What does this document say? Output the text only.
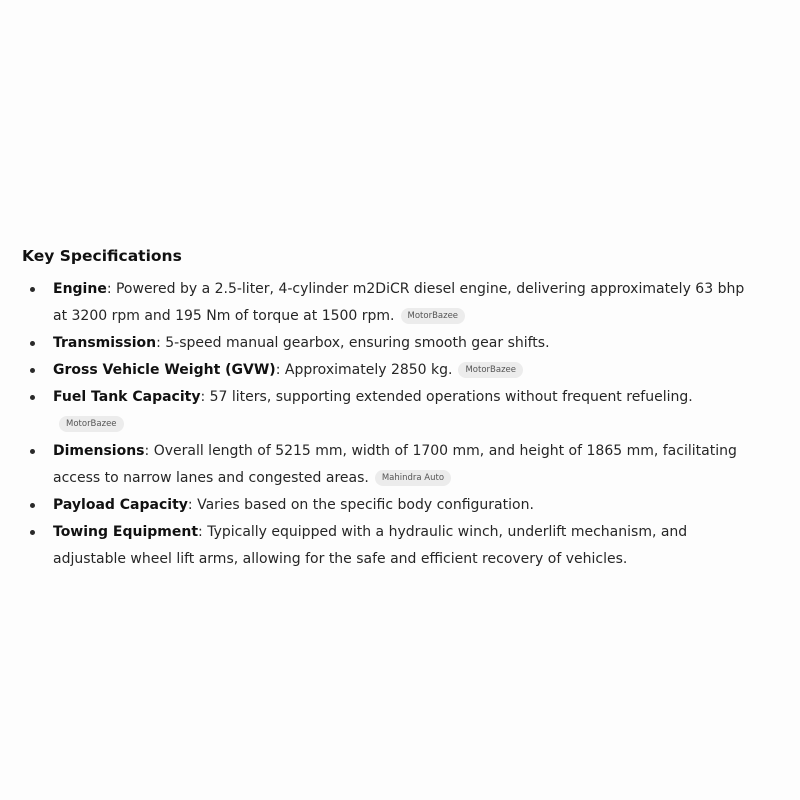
Key Specifications
Engine: Powered by a 2.5-liter, 4-cylinder m2DiCR diesel engine, delivering approximately 63 bhp at 3200 rpm and 195 Nm of torque at 1500 rpm. MotorBazee
Transmission: 5-speed manual gearbox, ensuring smooth gear shifts.
Gross Vehicle Weight (GVW): Approximately 2850 kg. MotorBazee
Fuel Tank Capacity: 57 liters, supporting extended operations without frequent refueling.MotorBazee
Dimensions: Overall length of 5215 mm, width of 1700 mm, and height of 1865 mm, facilitating access to narrow lanes and congested areas. Mahindra Auto
Payload Capacity: Varies based on the specific body configuration.
Towing Equipment: Typically equipped with a hydraulic winch, underlift mechanism, and adjustable wheel lift arms, allowing for the safe and efficient recovery of vehicles.
